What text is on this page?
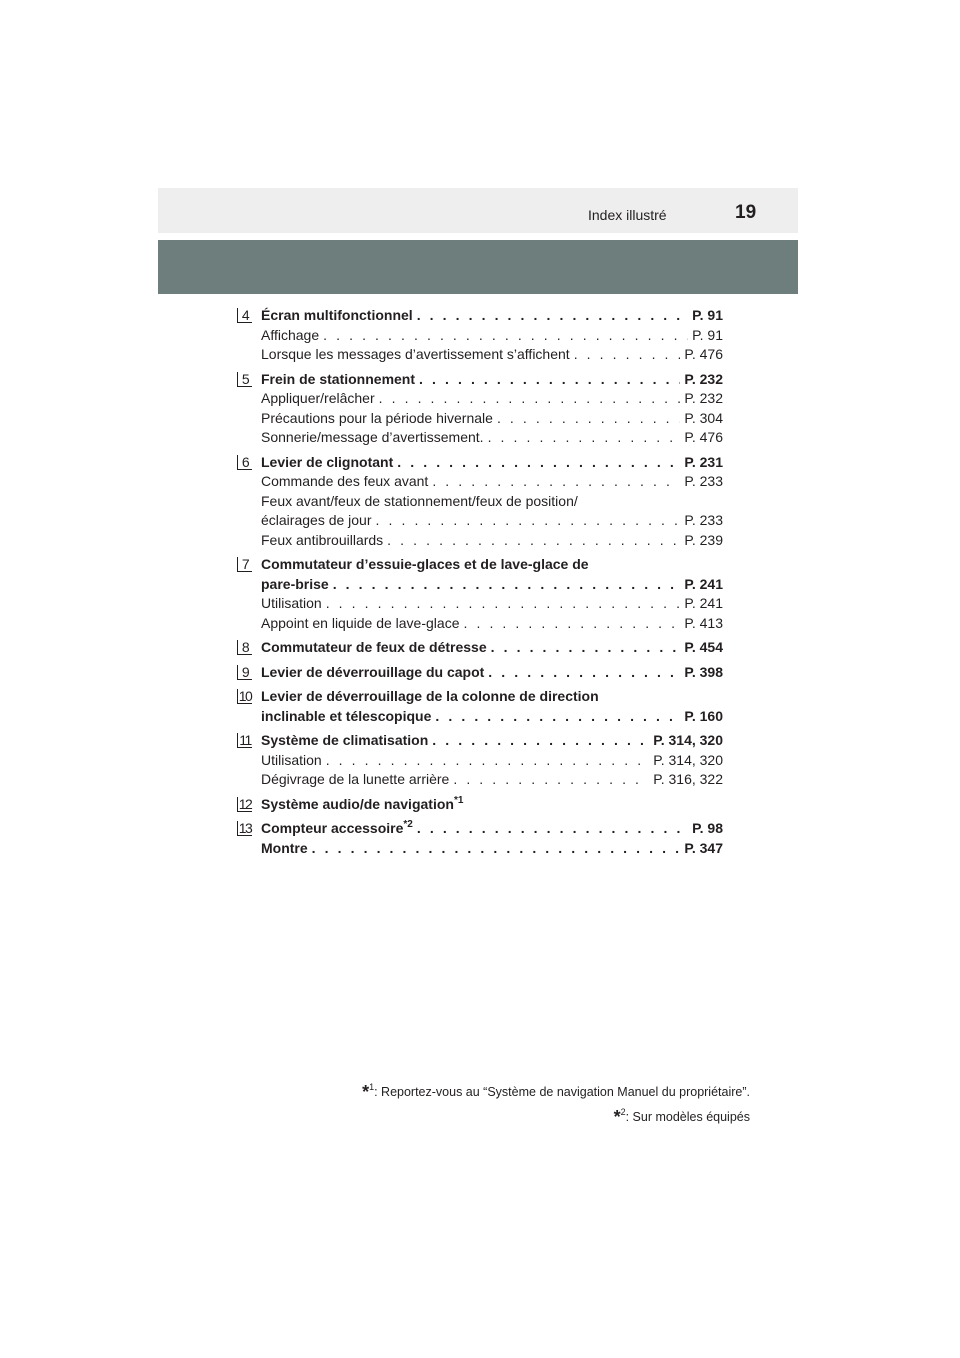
Index illustré	19
4 Écran multifonctionnel . . .	P. 91
Affichage . . .	P. 91
Lorsque les messages d’avertissement s’affichent . . .	P. 476
5 Frein de stationnement . . .	P. 232
Appliquer/relâcher . . .	P. 232
Précautions pour la période hivernale . . .	P. 304
Sonnerie/message d’avertissement. . . .	P. 476
6 Levier de clignotant . . .	P. 231
Commande des feux avant . . .	P. 233
Feux avant/feux de stationnement/feux de position/
éclairages de jour . . .	P. 233
Feux antibrouillards . . .	P. 239
7 Commutateur d’essuie-glaces et de lave-glace de
pare-brise . . .	P. 241
Utilisation . . .	P. 241
Appoint en liquide de lave-glace . . .	P. 413
8 Commutateur de feux de détresse . . .	P. 454
9 Levier de déverrouillage du capot . . .	P. 398
10 Levier de déverrouillage de la colonne de direction
inclinable et télescopique . . .	P. 160
11 Système de climatisation . . .	P. 314, 320
Utilisation . . .	P. 314, 320
Dégivrage de la lunette arrière . . .	P. 316, 322
12 Système audio/de navigation$^{*1}$
13 Compteur accessoire$^{*2}$ . . .	P. 98
Montre . . .	P. 347
*$^1$: Reportez-vous au “Système de navigation Manuel du propriétaire”.
*$^2$: Sur modèles équipés
